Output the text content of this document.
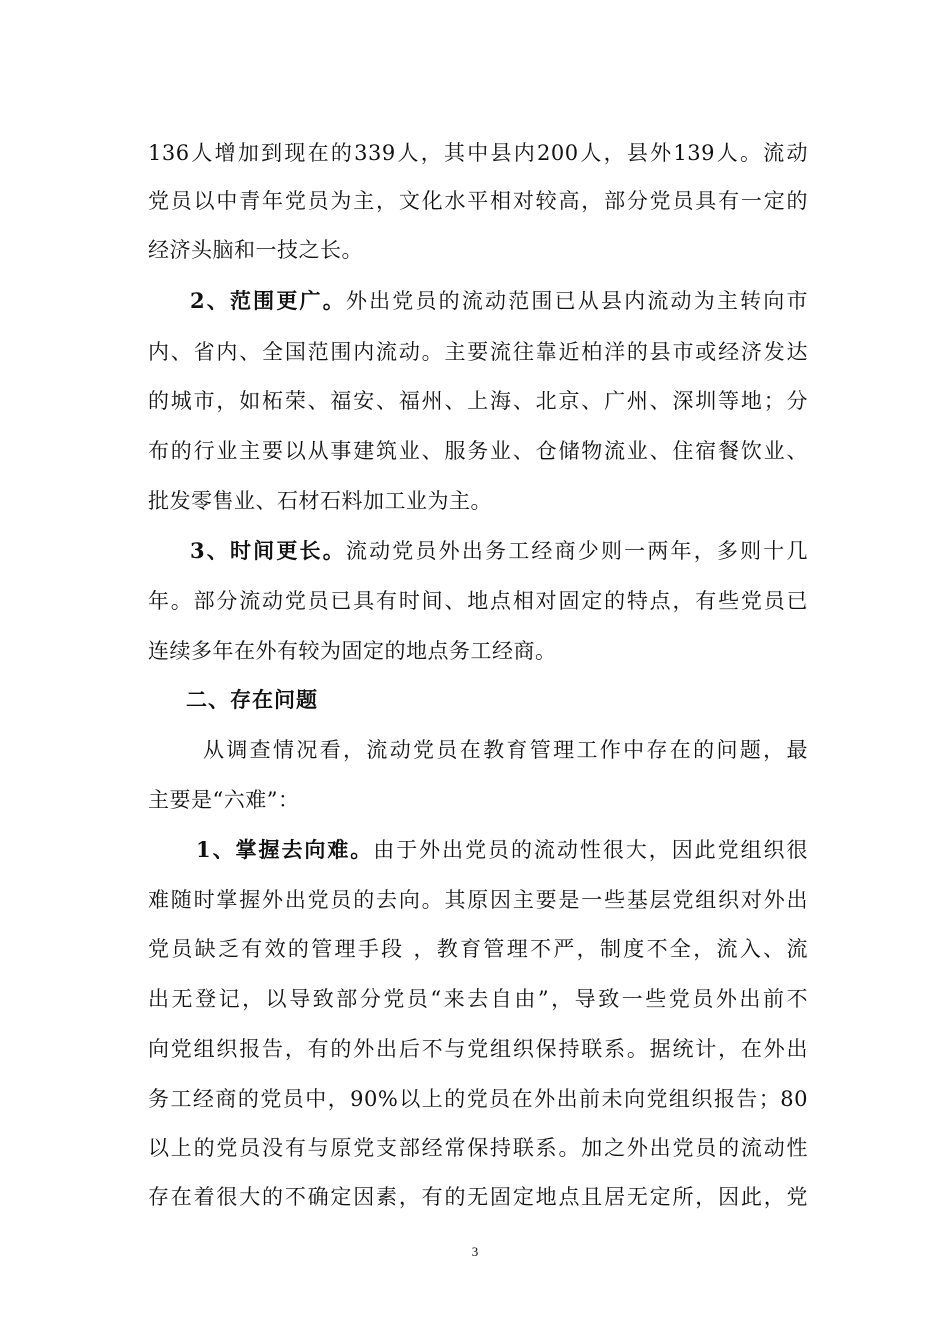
136人增加到现在的339人，其中县内200人，县外139人。流动
党员以中青年党员为主，文化水平相对较高，部分党员具有一定的
经济头脑和一技之长。
2、范围更广。外出党员的流动范围已从县内流动为主转向市
内、省内、全国范围内流动。主要流往靠近柏洋的县市或经济发达
的城市，如柘荣、福安、福州、上海、北京、广州、深圳等地；分
布的行业主要以从事建筑业、服务业、仓储物流业、住宿餐饮业、
批发零售业、石材石料加工业为主。
3、时间更长。流动党员外出务工经商少则一两年，多则十几
年。部分流动党员已具有时间、地点相对固定的特点，有些党员已
连续多年在外有较为固定的地点务工经商。
二、存在问题
从调查情况看，流动党员在教育管理工作中存在的问题，最
主要是“六难”：
1、掌握去向难。由于外出党员的流动性很大，因此党组织很
难随时掌握外出党员的去向。其原因主要是一些基层党组织对外出
党员缺乏有效的管理手段 ，教育管理不严，制度不全，流入、流
出无登记，以导致部分党员“来去自由”，导致一些党员外出前不
向党组织报告，有的外出后不与党组织保持联系。据统计，在外出
务工经商的党员中，90%以上的党员在外出前未向党组织报告；80
以上的党员没有与原党支部经常保持联系。加之外出党员的流动性
存在着很大的不确定因素，有的无固定地点且居无定所，因此，党
3
